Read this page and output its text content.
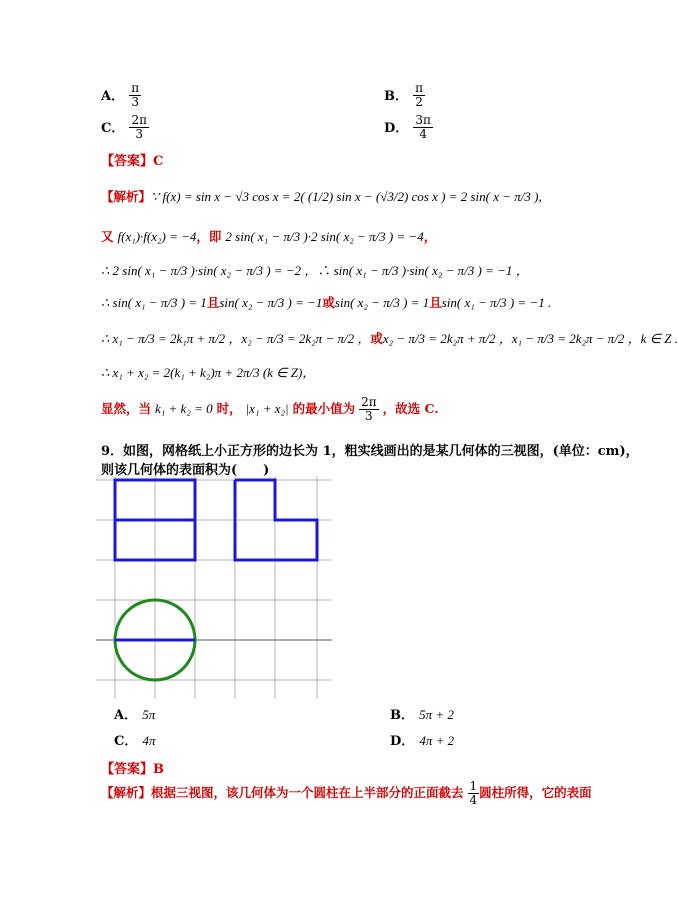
A． $\frac{\pi}{3}$	B． $\frac{\pi}{2}$
C． $\frac{2\pi}{3}$	D． $\frac{3\pi}{4}$
【答案】C
【解析】∵ f(x) = sin x − √3 cos x = 2( (1/2) sin x − (√3/2) cos x ) = 2 sin( x − π/3 ),
又 f(x₁)·f(x₂) = −4，即 2 sin( x₁ − π/3 )·2 sin( x₂ − π/3 ) = −4，
∴ 2 sin( x₁ − π/3 )·sin( x₂ − π/3 ) = −2 ，∴ sin( x₁ − π/3 )·sin( x₂ − π/3 ) = −1 ，
∴ sin( x₁ − π/3 ) = 1且sin( x₂ − π/3 ) = −1或sin( x₂ − π/3 ) = 1且sin( x₁ − π/3 ) = −1 .
∴ x₁ − π/3 = 2k₁π + π/2 ，x₂ − π/3 = 2k₂π − π/2 ，或x₂ − π/3 = 2k₂π + π/2 ，x₁ − π/3 = 2k₂π − π/2 ，k ∈ Z .
∴ x₁ + x₂ = 2(k₁ + k₂)π + 2π/3 (k ∈ Z)，
显然，当 k₁ + k₂ = 0 时， |x₁ + x₂| 的最小值为 $\frac{2\pi}{3}$ ，故选 C.
9．如图，网格纸上小正方形的边长为 1，粗实线画出的是某几何体的三视图，(单位：cm)，
则该几何体的表面积为(　　)
A． 5π	B． 5π + 2
C． 4π	D． 4π + 2
【答案】B
【解析】根据三视图，该几何体为一个圆柱在上半部分的正面截去 $\frac{1}{4}$ 圆柱所得，它的表面
